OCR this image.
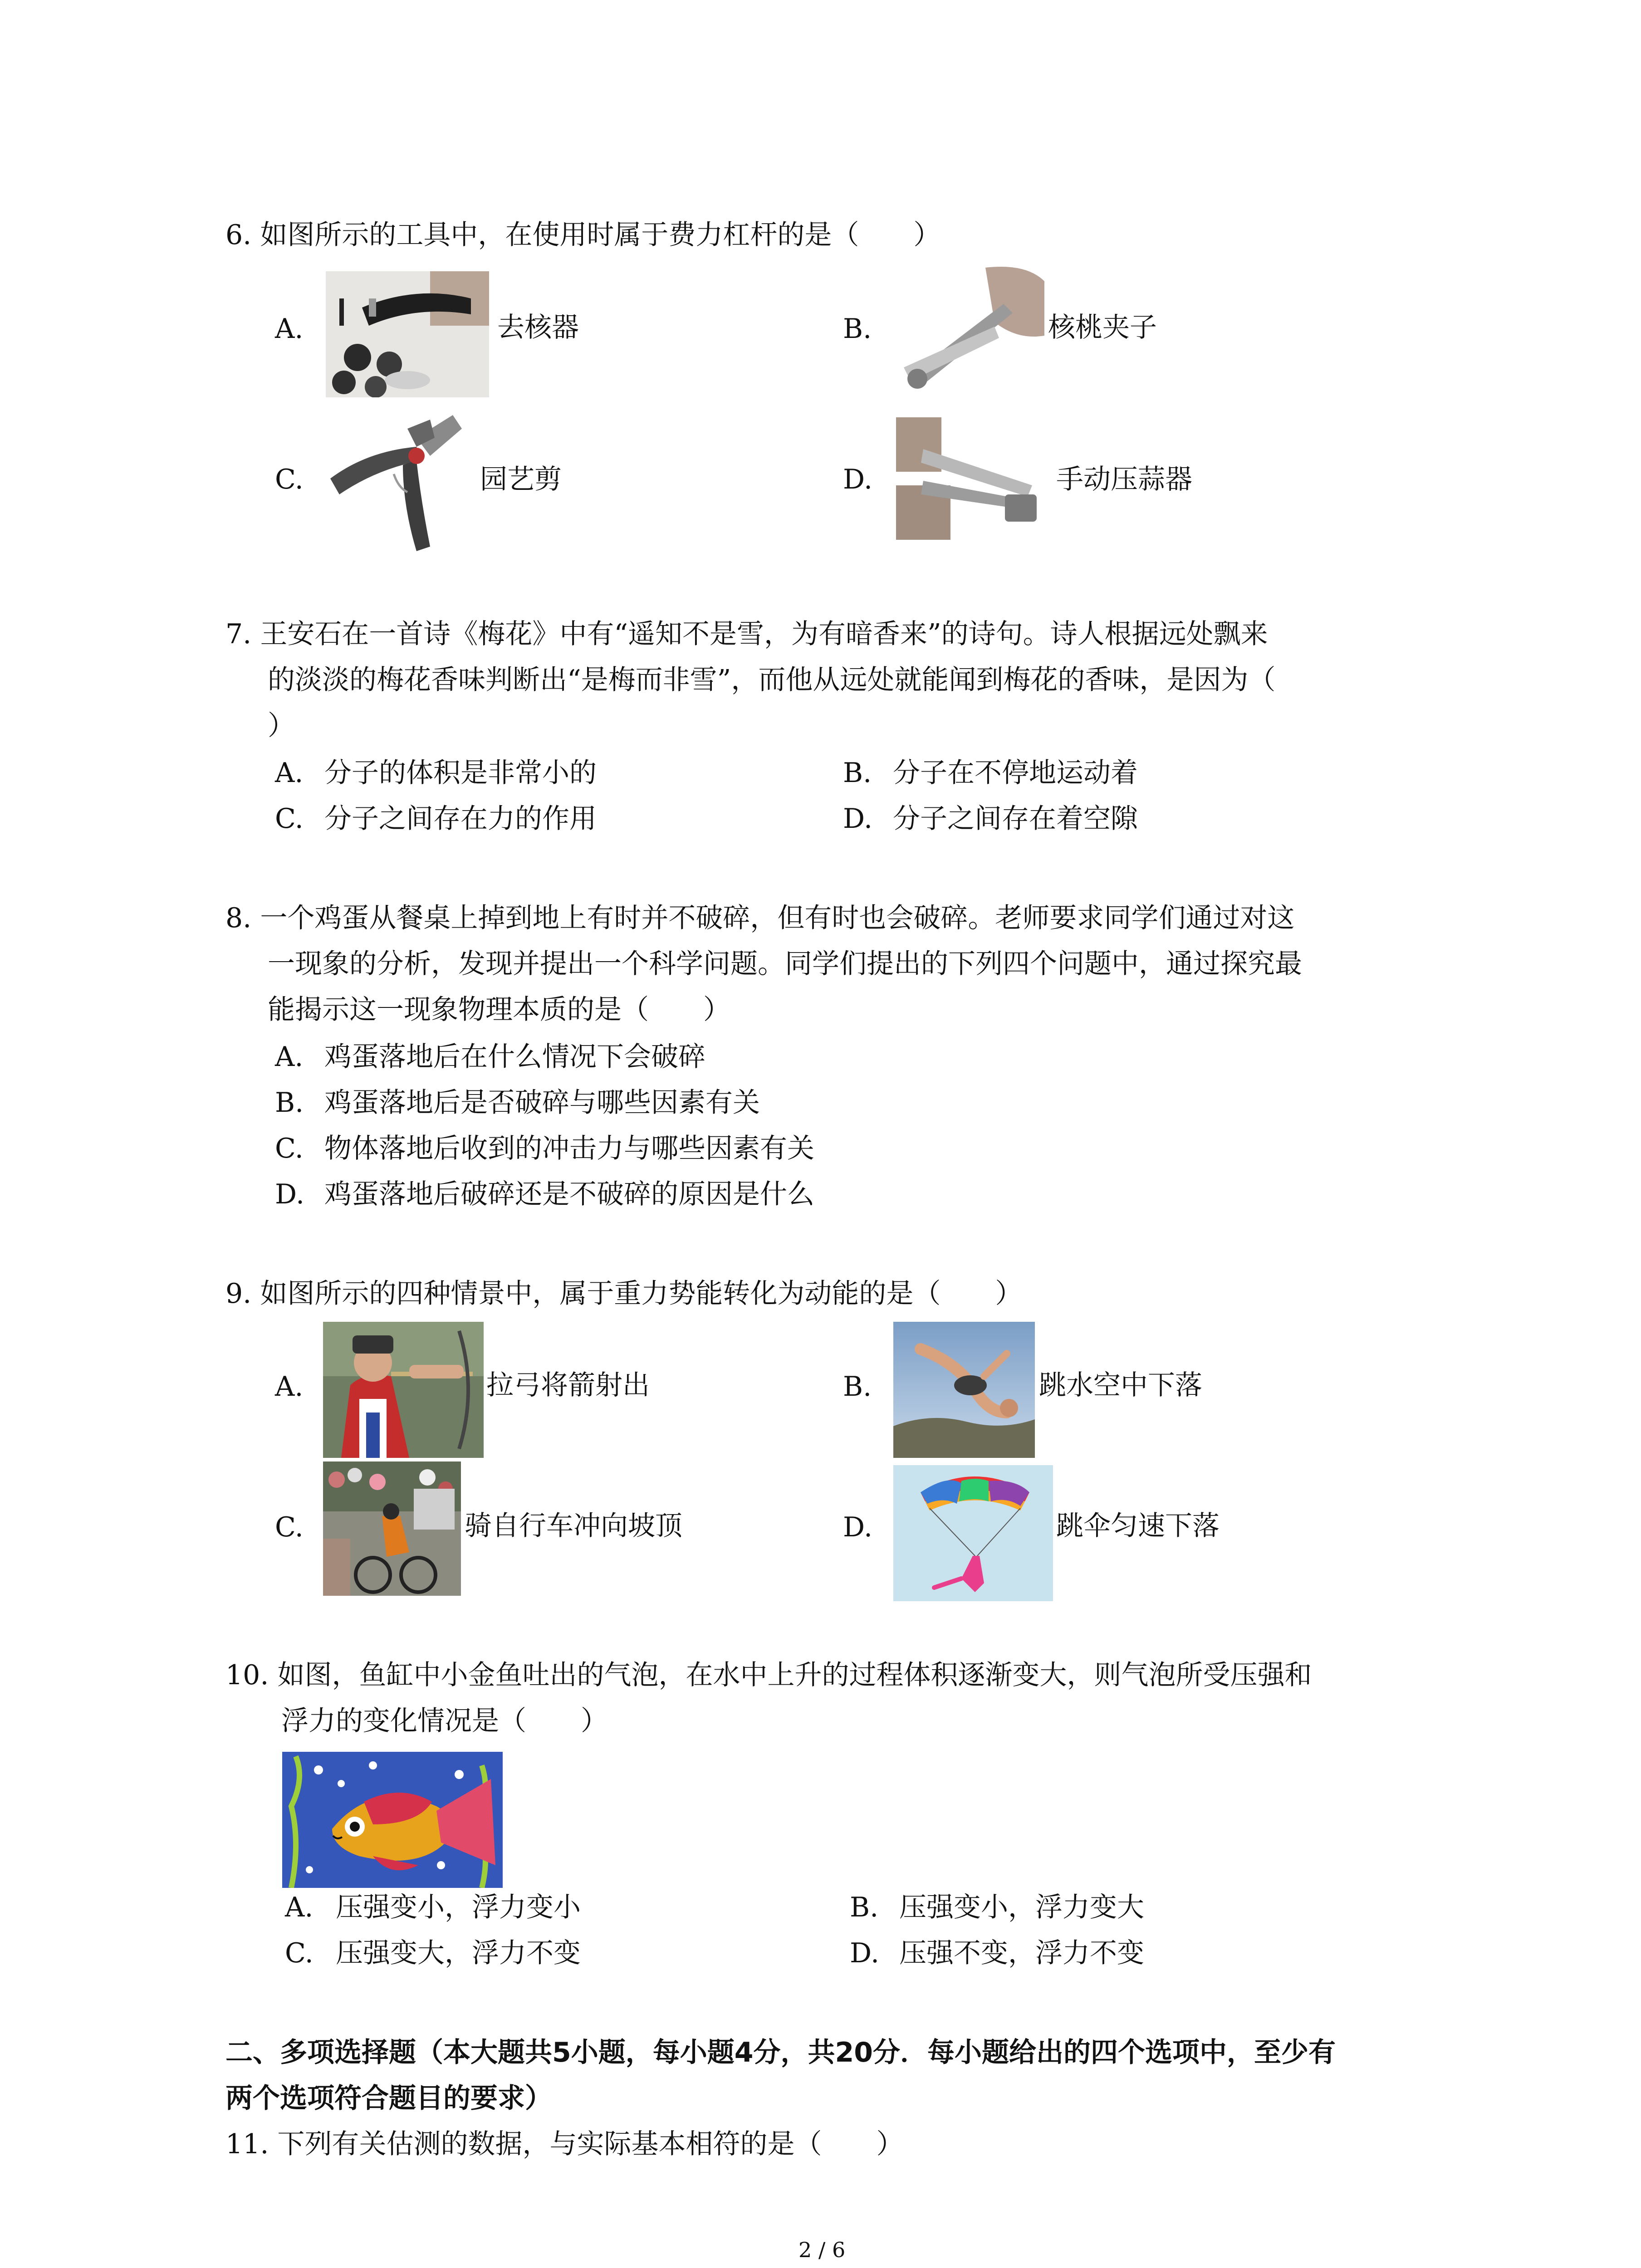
6. 如图所示的工具中，在使用时属于费力杠杆的是（　　）
A.	去核器	B.	核桃夹子
C.	园艺剪	D.	手动压蒜器
7. 王安石在一首诗《梅花》中有“遥知不是雪，为有暗香来”的诗句。诗人根据远处飘来
的淡淡的梅花香味判断出“是梅而非雪”，而他从远处就能闻到梅花的香味，是因为（
）
A. 分子的体积是非常小的	B. 分子在不停地运动着
C. 分子之间存在力的作用	D. 分子之间存在着空隙
8. 一个鸡蛋从餐桌上掉到地上有时并不破碎，但有时也会破碎。老师要求同学们通过对这
一现象的分析，发现并提出一个科学问题。同学们提出的下列四个问题中，通过探究最
能揭示这一现象物理本质的是（　　）
A. 鸡蛋落地后在什么情况下会破碎
B. 鸡蛋落地后是否破碎与哪些因素有关
C. 物体落地后收到的冲击力与哪些因素有关
D. 鸡蛋落地后破碎还是不破碎的原因是什么
9. 如图所示的四种情景中，属于重力势能转化为动能的是（　　）
A.	拉弓将箭射出	B.	跳水空中下落
C.	骑自行车冲向坡顶	D.	跳伞匀速下落
10. 如图，鱼缸中小金鱼吐出的气泡，在水中上升的过程体积逐渐变大，则气泡所受压强和
浮力的变化情况是（　　）
A. 压强变小，浮力变小	B. 压强变小，浮力变大
C. 压强变大，浮力不变	D. 压强不变，浮力不变
二、多项选择题（本大题共5小题，每小题4分，共20分．每小题给出的四个选项中，至少有
两个选项符合题目的要求）
11. 下列有关估测的数据，与实际基本相符的是（　　）
2 / 6
